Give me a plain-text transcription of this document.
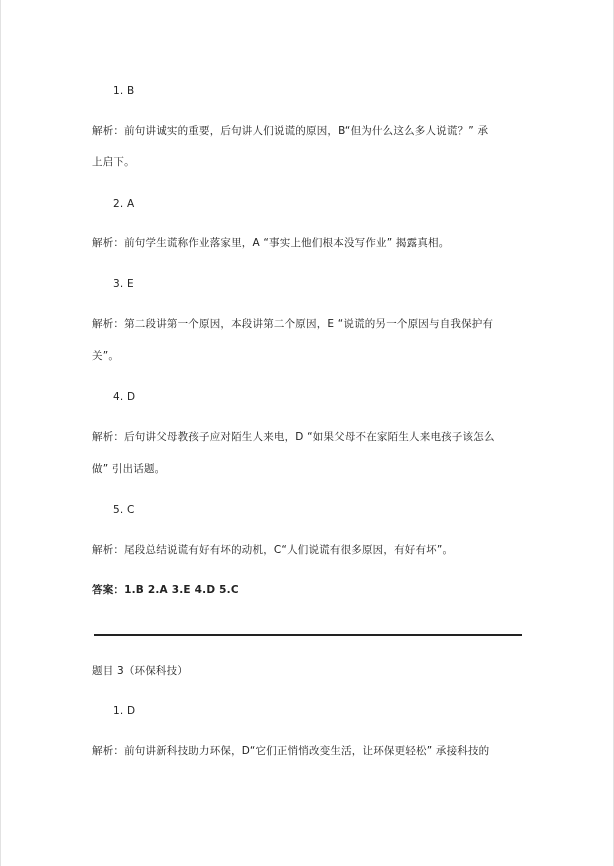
1. B
解析：前句讲诚实的重要，后句讲人们说谎的原因，B“但为什么这么多人说谎？” 承
上启下。
2. A
解析：前句学生谎称作业落家里，A “事实上他们根本没写作业” 揭露真相。
3. E
解析：第二段讲第一个原因，本段讲第二个原因，E “说谎的另一个原因与自我保护有
关”。
4. D
解析：后句讲父母教孩子应对陌生人来电，D “如果父母不在家陌生人来电孩子该怎么
做” 引出话题。
5. C
解析：尾段总结说谎有好有坏的动机，C“人们说谎有很多原因，有好有坏”。
答案：1.B 2.A 3.E 4.D 5.C
题目 3（环保科技）
1. D
解析：前句讲新科技助力环保，D“它们正悄悄改变生活，让环保更轻松” 承接科技的
